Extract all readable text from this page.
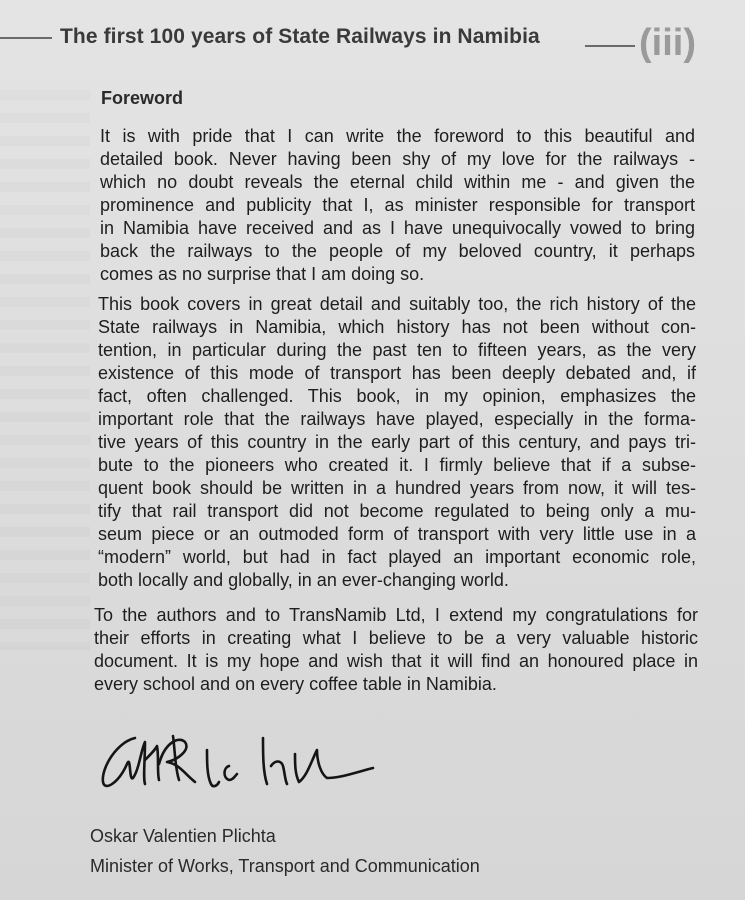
The first 100 years of State Railways in Namibia	(iii)
Foreword
It is with pride that I can write the foreword to this beautiful and
detailed book. Never having been shy of my love for the railways -
which no doubt reveals the eternal child within me - and given the
prominence and publicity that I, as minister responsible for transport
in Namibia have received and as I have unequivocally vowed to bring
back the railways to the people of my beloved country, it perhaps
comes as no surprise that I am doing so.
This book covers in great detail and suitably too, the rich history of the
State railways in Namibia, which history has not been without con-
tention, in particular during the past ten to fifteen years, as the very
existence of this mode of transport has been deeply debated and, if
fact, often challenged. This book, in my opinion, emphasizes the
important role that the railways have played, especially in the forma-
tive years of this country in the early part of this century, and pays tri-
bute to the pioneers who created it. I firmly believe that if a subse-
quent book should be written in a hundred years from now, it will tes-
tify that rail transport did not become regulated to being only a mu-
seum piece or an outmoded form of transport with very little use in a
“modern” world, but had in fact played an important economic role,
both locally and globally, in an ever-changing world.
To the authors and to TransNamib Ltd, I extend my congratulations for
their efforts in creating what I believe to be a very valuable historic
document. It is my hope and wish that it will find an honoured place in
every school and on every coffee table in Namibia.
Oskar Valentien Plichta
Minister of Works, Transport and Communication
